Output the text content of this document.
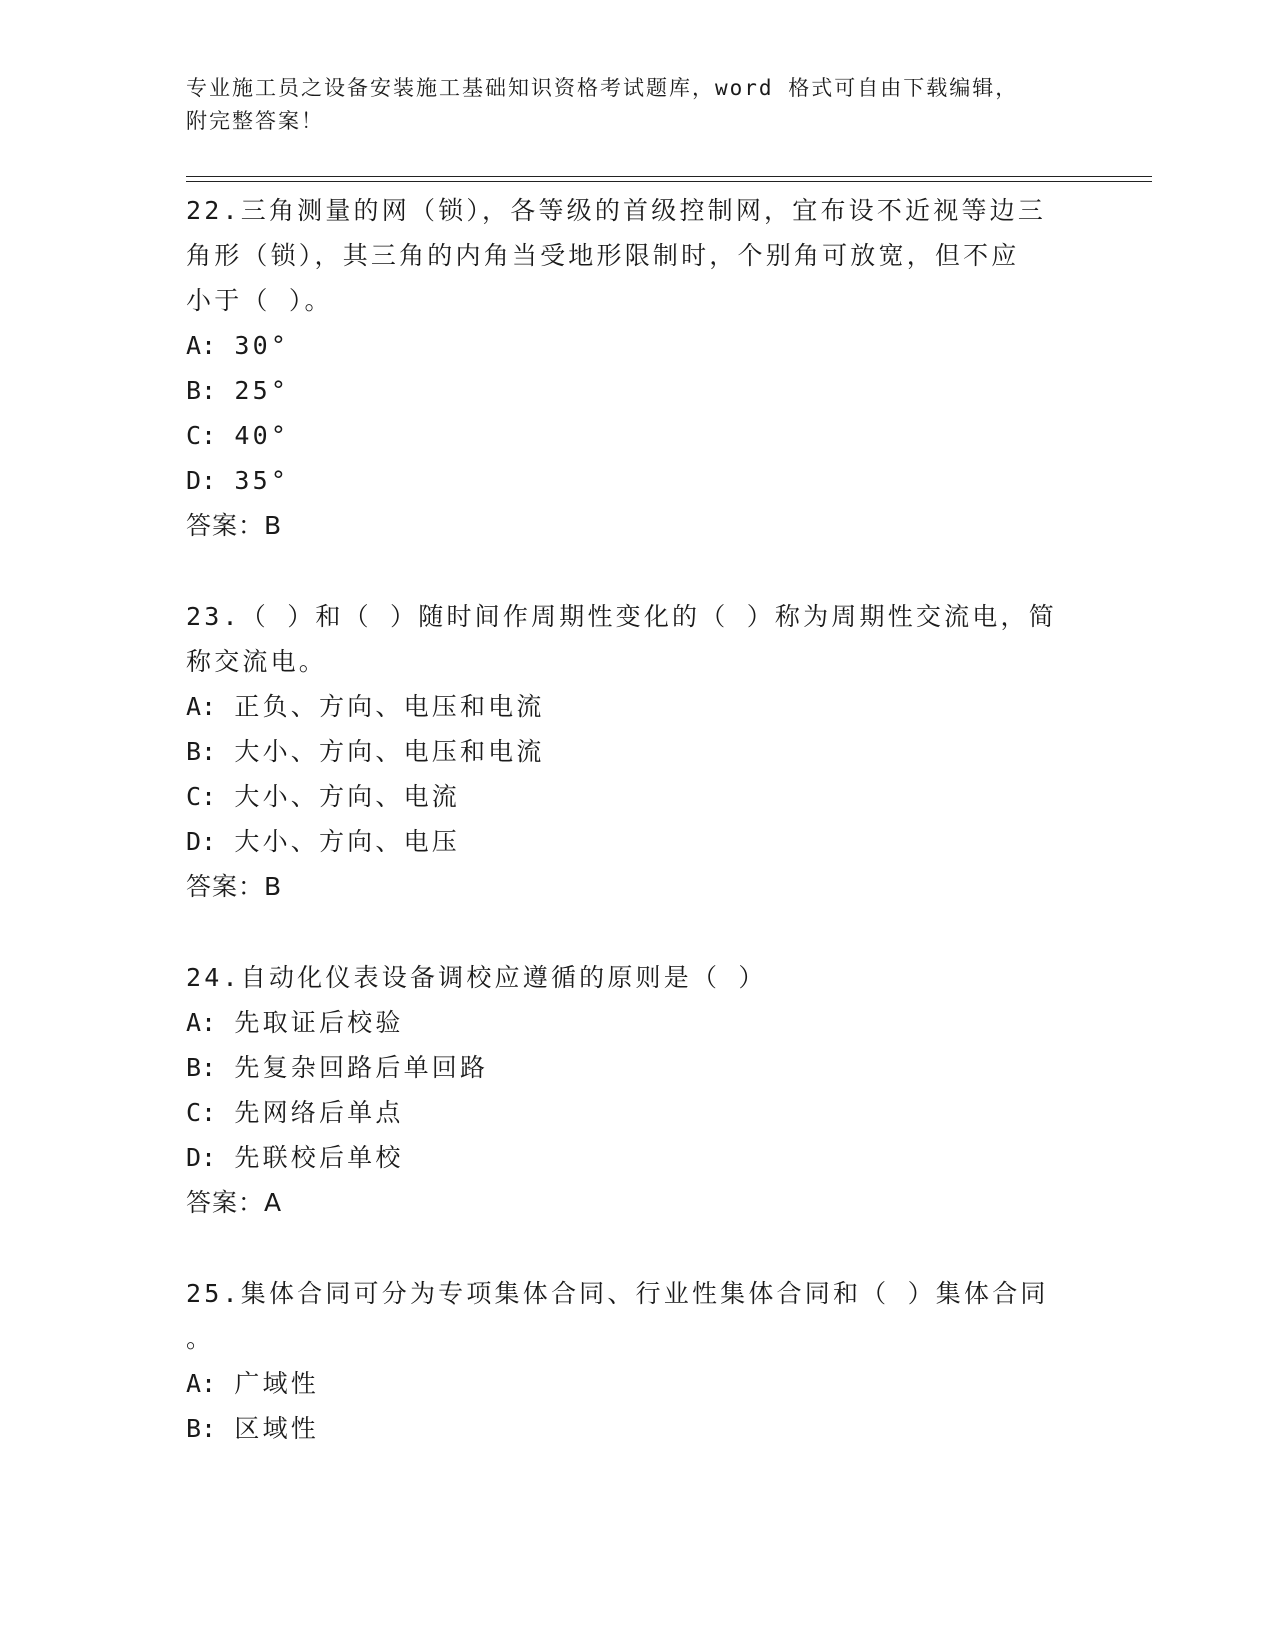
专业施工员之设备安装施工基础知识资格考试题库，word 格式可自由下载编辑，
附完整答案！

22.三角测量的网（锁），各等级的首级控制网，宜布设不近视等边三

角形（锁），其三角的内角当受地形限制时，个别角可放宽，但不应

小于（ ）。

A: 30°

B: 25°

C: 40°

D: 35°

答案：B

23.（ ）和（ ）随时间作周期性变化的（ ）称为周期性交流电，简

称交流电。

A: 正负、方向、电压和电流

B: 大小、方向、电压和电流

C: 大小、方向、电流

D: 大小、方向、电压

答案：B

24.自动化仪表设备调校应遵循的原则是（ ）

A: 先取证后校验

B: 先复杂回路后单回路

C: 先网络后单点

D: 先联校后单校

答案：A

25.集体合同可分为专项集体合同、行业性集体合同和（ ）集体合同

。

A: 广域性

B: 区域性
